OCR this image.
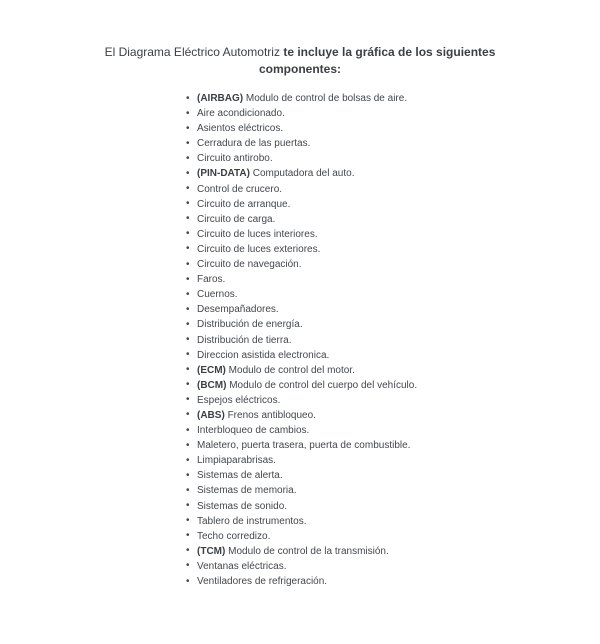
El Diagrama Eléctrico Automotriz te incluye la gráfica de los siguientes
componentes:
• (AIRBAG) Modulo de control de bolsas de aire.
• Aire acondicionado.
• Asientos eléctricos.
• Cerradura de las puertas.
• Circuito antirobo.
• (PIN-DATA) Computadora del auto.
• Control de crucero.
• Circuito de arranque.
• Circuito de carga.
• Circuito de luces interiores.
• Circuito de luces exteriores.
• Circuito de navegación.
• Faros.
• Cuernos.
• Desempañadores.
• Distribución de energía.
• Distribución de tierra.
• Direccion asistida electronica.
• (ECM) Modulo de control del motor.
• (BCM) Modulo de control del cuerpo del vehículo.
• Espejos eléctricos.
• (ABS) Frenos antibloqueo.
• Interbloqueo de cambios.
• Maletero, puerta trasera, puerta de combustible.
• Limpiaparabrisas.
• Sistemas de alerta.
• Sistemas de memoria.
• Sistemas de sonido.
• Tablero de instrumentos.
• Techo corredizo.
• (TCM) Modulo de control de la transmisión.
• Ventanas eléctricas.
• Ventiladores de refrigeración.
